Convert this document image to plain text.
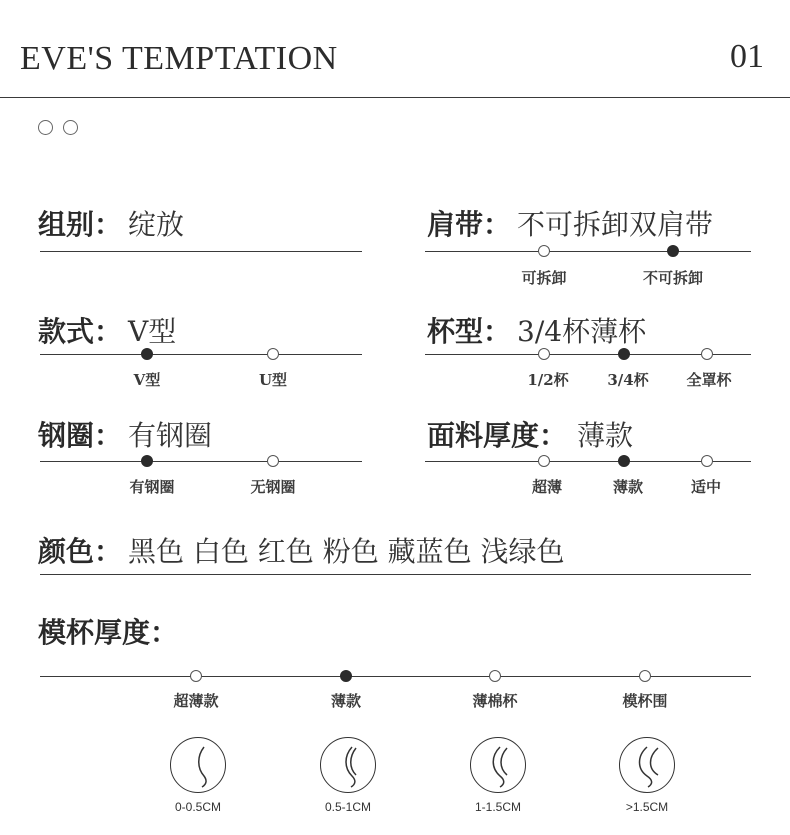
EVE'S TEMPTATION	01
组别： 绽放	肩带： 不可拆卸双肩带
可拆卸	不可拆卸
款式： V型
V型	U型
杯型： 3/4杯薄杯
1/2杯	3/4杯	全罩杯
钢圈： 有钢圈
有钢圈	无钢圈
面料厚度： 薄款
超薄	薄款	适中
颜色： 黑色 白色 红色 粉色 藏蓝色 浅绿色
模杯厚度：
超薄款	薄款	薄棉杯	模杯围
0-0.5CM	0.5-1CM	1-1.5CM	>1.5CM
